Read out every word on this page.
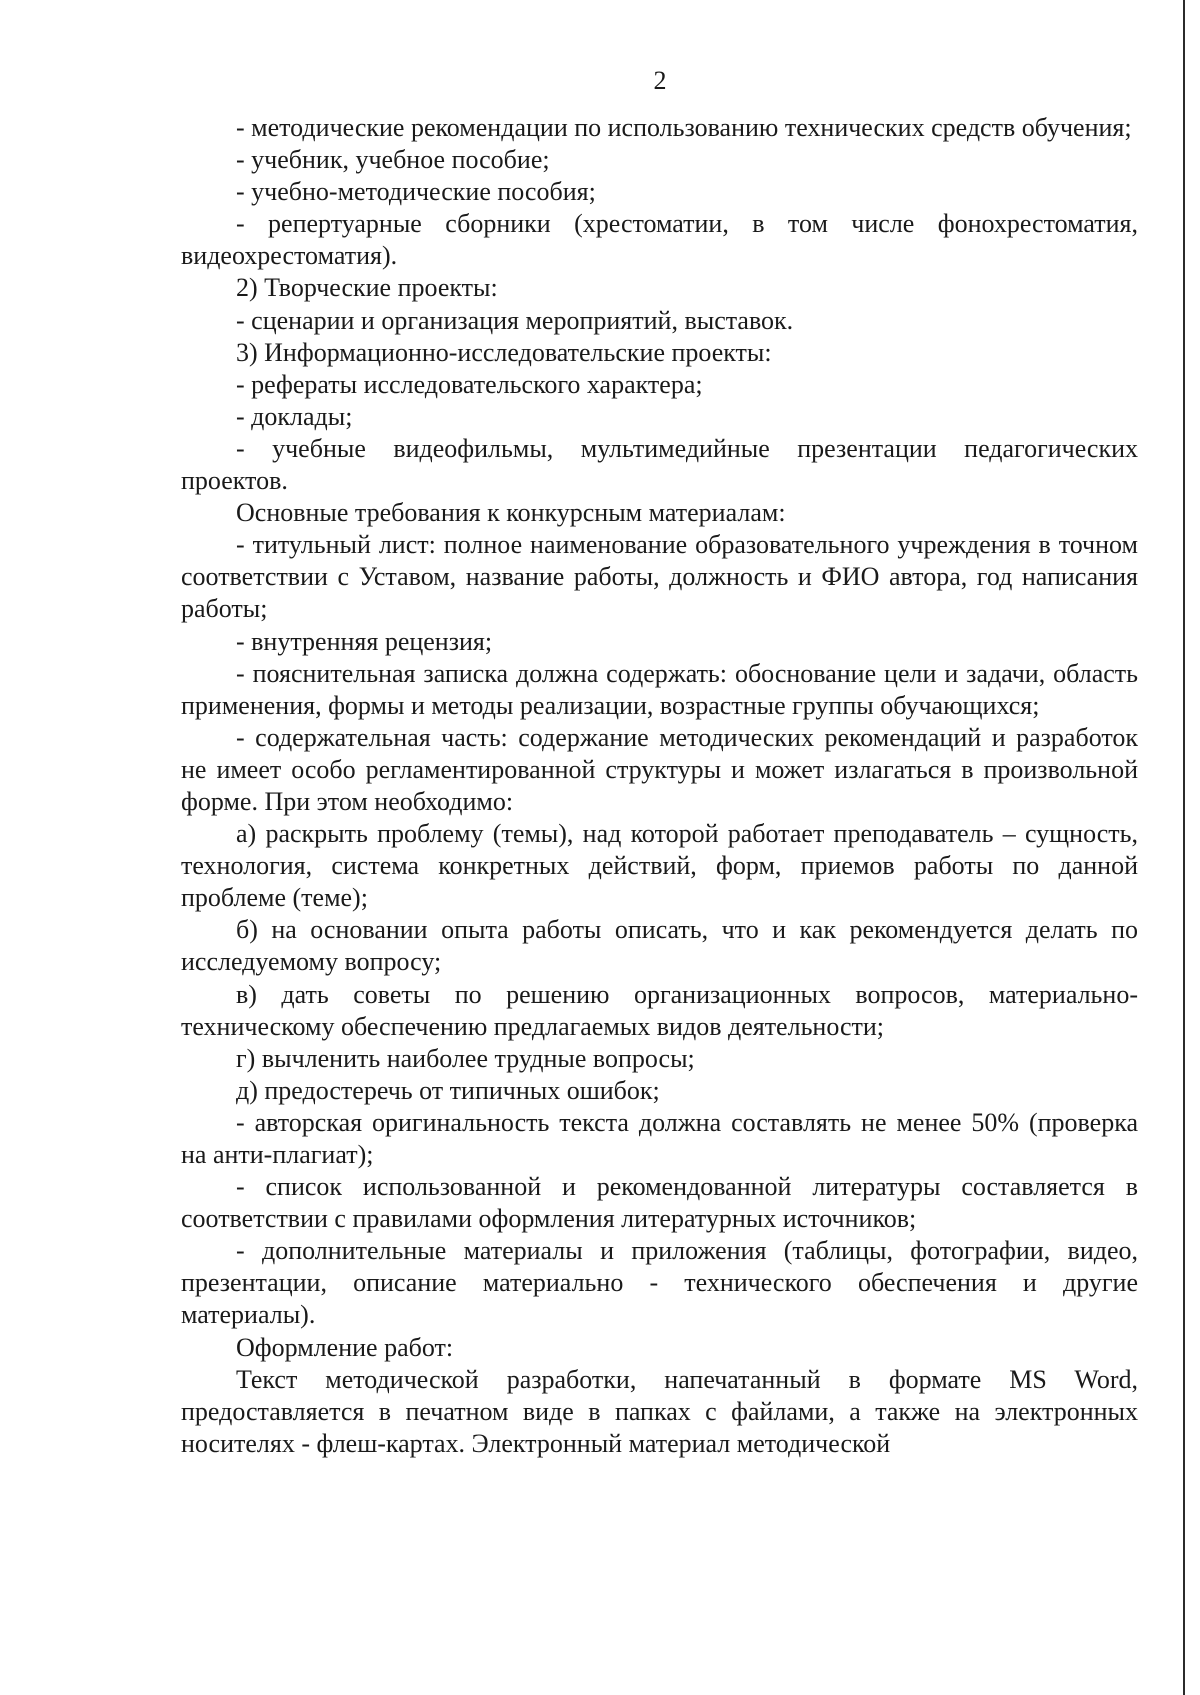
2

- методические рекомендации по использованию технических средств обучения;

- учебник, учебное пособие;

- учебно-методические пособия;

- репертуарные сборники (хрестоматии, в том числе фонохрестоматия, видеохрестоматия).

2) Творческие проекты:

- сценарии и организация мероприятий, выставок.

3) Информационно-исследовательские проекты:

- рефераты исследовательского характера;

- доклады;

- учебные видеофильмы, мультимедийные презентации педагогических проектов.

Основные требования к конкурсным материалам:

- титульный лист: полное наименование образовательного учреждения в точном соответствии с Уставом, название работы, должность и ФИО автора, год написания работы;

- внутренняя рецензия;

- пояснительная записка должна содержать: обоснование цели и задачи, область применения, формы и методы реализации, возрастные группы обучающихся;

- содержательная часть: содержание методических рекомендаций и разработок не имеет особо регламентированной структуры и может излагаться в произвольной форме. При этом необходимо:

а) раскрыть проблему (темы), над которой работает преподаватель – сущность, технология, система конкретных действий, форм, приемов работы по данной проблеме (теме);

б) на основании опыта работы описать, что и как рекомендуется делать по исследуемому вопросу;

в) дать советы по решению организационных вопросов, материально-техническому обеспечению предлагаемых видов деятельности;

г) вычленить наиболее трудные вопросы;

д) предостеречь от типичных ошибок;

- авторская оригинальность текста должна составлять не менее 50% (проверка на анти-плагиат);

- список использованной и рекомендованной литературы составляется в соответствии с правилами оформления литературных источников;

- дополнительные материалы и приложения (таблицы, фотографии, видео, презентации, описание материально - технического обеспечения и другие материалы).

Оформление работ:

Текст методической разработки, напечатанный в формате MS Word, предоставляется в печатном виде в папках с файлами, а также на электронных носителях - флеш-картах. Электронный материал методической
